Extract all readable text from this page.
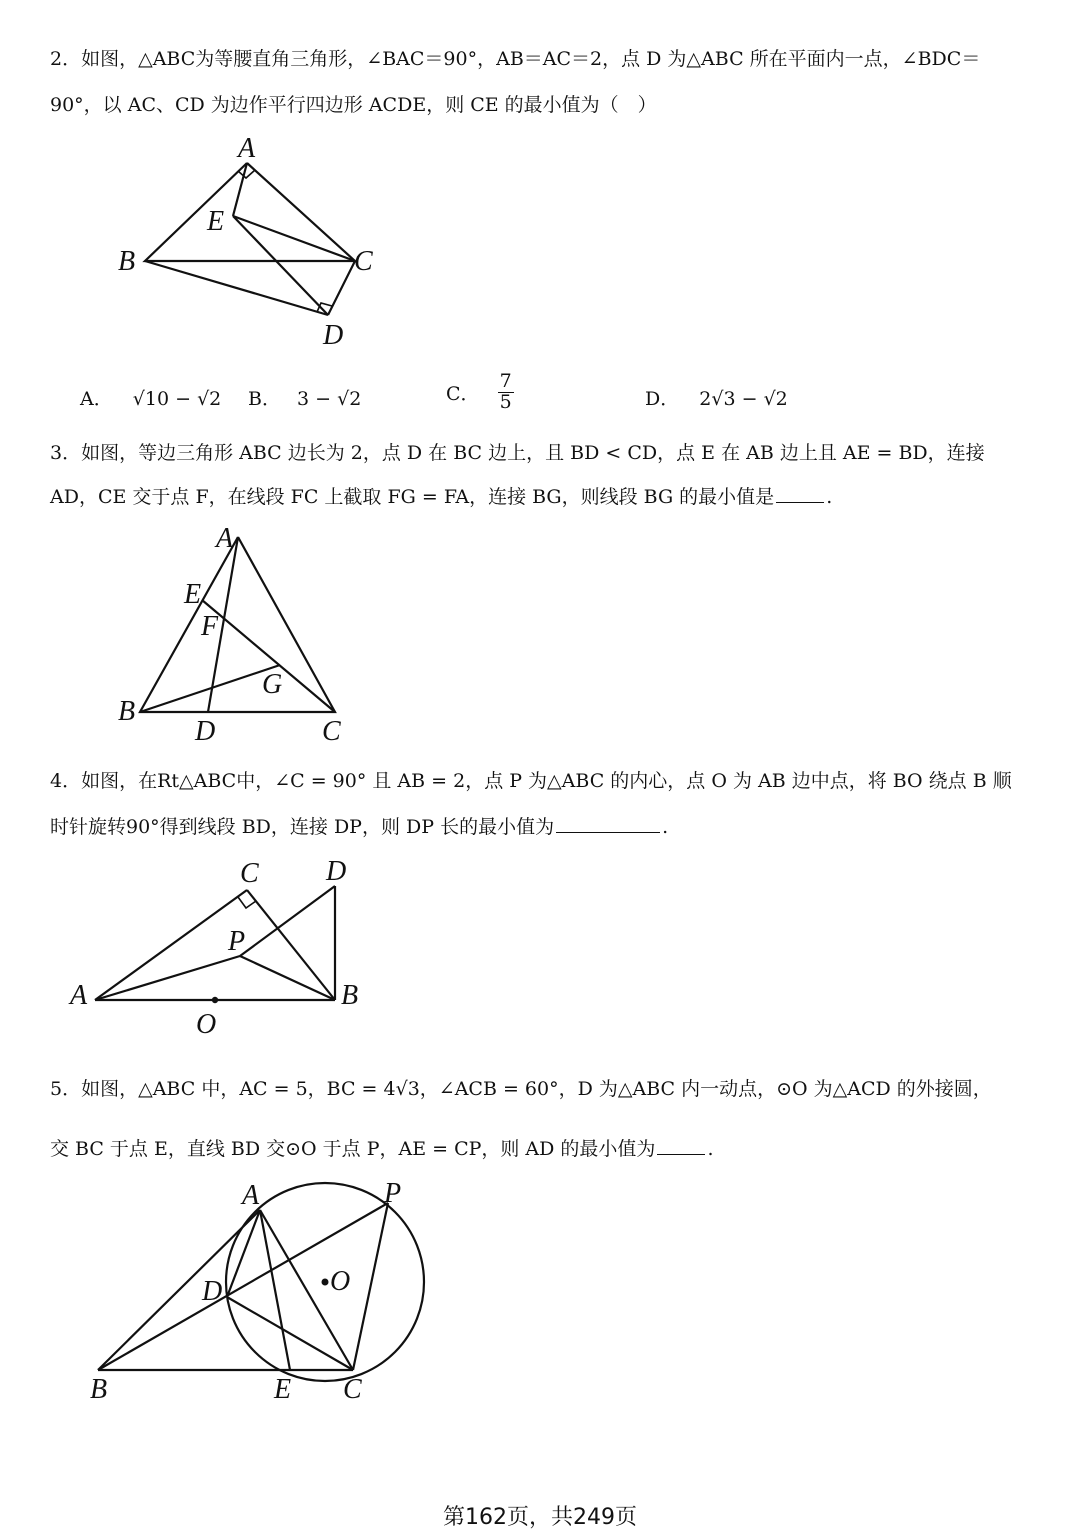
2．如图，△ABC为等腰直角三角形，∠BAC＝90°，AB＝AC＝2，点 D 为△ABC 所在平面内一点，∠BDC＝
90°，以 AC、CD 为边作平行四边形 ACDE，则 CE 的最小值为（　）
A
B	C
D
E
A． √10 − √2 B． 3 − √2	C． $\frac{7}{5}$	D． 2√3 − √2
3．如图，等边三角形 ABC 边长为 2，点 D 在 BC 边上，且 BD < CD，点 E 在 AB 边上且 AE = BD，连接
AD，CE 交于点 F，在线段 FC 上截取 FG = FA，连接 BG，则线段 BG 的最小值是	.
A
B
C
D
E
F
G
4．如图，在Rt△ABC中，∠C = 90° 且 AB = 2，点 P 为△ABC 的内心，点 O 为 AB 边中点，将 BO 绕点 B 顺
时针旋转90°得到线段 BD，连接 DP，则 DP 长的最小值为	.
A	B
C D
P
O
5．如图，△ABC 中，AC = 5，BC = 4√3，∠ACB = 60°，D 为△ABC 内一动点，⊙O 为△ACD 的外接圆，
交 BC 于点 E，直线 BD 交⊙O 于点 P，AE = CP，则 AD 的最小值为	.
A
B	C
D
E
P
O
第162页，共249页
